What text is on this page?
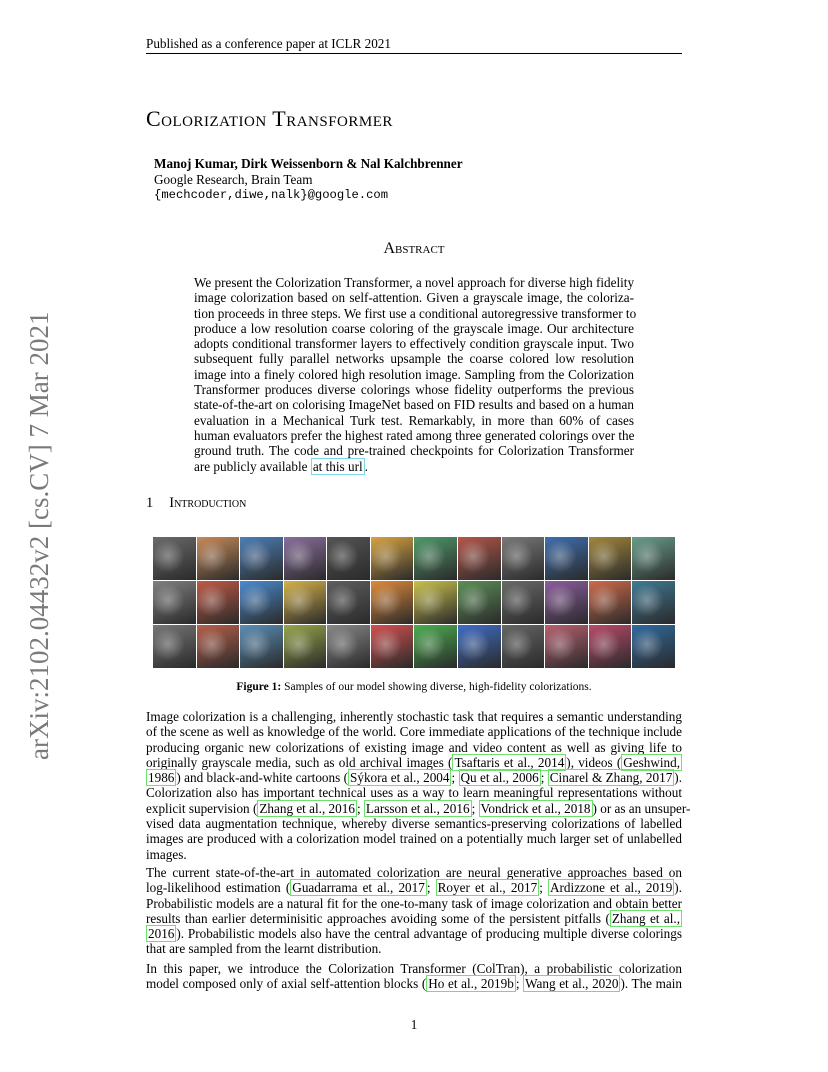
Published as a conference paper at ICLR 2021
Colorization Transformer
Manoj Kumar, Dirk Weissenborn & Nal Kalchbrenner
Google Research, Brain Team
{mechcoder,diwe,nalk}@google.com
Abstract
We present the Colorization Transformer, a novel approach for diverse high fidelity
image colorization based on self-attention. Given a grayscale image, the coloriza-
tion proceeds in three steps. We first use a conditional autoregressive transformer to
produce a low resolution coarse coloring of the grayscale image. Our architecture
adopts conditional transformer layers to effectively condition grayscale input. Two
subsequent fully parallel networks upsample the coarse colored low resolution
image into a finely colored high resolution image. Sampling from the Colorization
Transformer produces diverse colorings whose fidelity outperforms the previous
state-of-the-art on colorising ImageNet based on FID results and based on a human
evaluation in a Mechanical Turk test. Remarkably, in more than 60% of cases
human evaluators prefer the highest rated among three generated colorings over the
ground truth. The code and pre-trained checkpoints for Colorization Transformer
are publicly available at this url .
arXiv:2102.04432v2 [cs.CV] 7 Mar 2021	1 Introduction
Figure 1: Samples of our model showing diverse, high-fidelity colorizations.
Image colorization is a challenging, inherently stochastic task that requires a semantic understanding
of the scene as well as knowledge of the world. Core immediate applications of the technique include
producing organic new colorizations of existing image and video content as well as giving life to
originally grayscale media, such as old archival images ( Tsaftaris et al., 2014 ), videos ( Geshwind,
1986 ) and black-and-white cartoons ( Sýkora et al., 2004 ; Qu et al., 2006 ; Cinarel & Zhang, 2017 ).
Colorization also has important technical uses as a way to learn meaningful representations without
explicit supervision ( Zhang et al., 2016 ; Larsson et al., 2016 ; Vondrick et al., 2018 ) or as an unsuper-
vised data augmentation technique, whereby diverse semantics-preserving colorizations of labelled
images are produced with a colorization model trained on a potentially much larger set of unlabelled
images.
The current state-of-the-art in automated colorization are neural generative approaches based on
log-likelihood estimation ( Guadarrama et al., 2017 ; Royer et al., 2017 ; Ardizzone et al., 2019 ).
Probabilistic models are a natural fit for the one-to-many task of image colorization and obtain better
results than earlier determinisitic approaches avoiding some of the persistent pitfalls ( Zhang et al.,
2016 ). Probabilistic models also have the central advantage of producing multiple diverse colorings
that are sampled from the learnt distribution.
In this paper, we introduce the Colorization Transformer (ColTran), a probabilistic colorization
model composed only of axial self-attention blocks ( Ho et al., 2019b ; Wang et al., 2020 ). The main
1
